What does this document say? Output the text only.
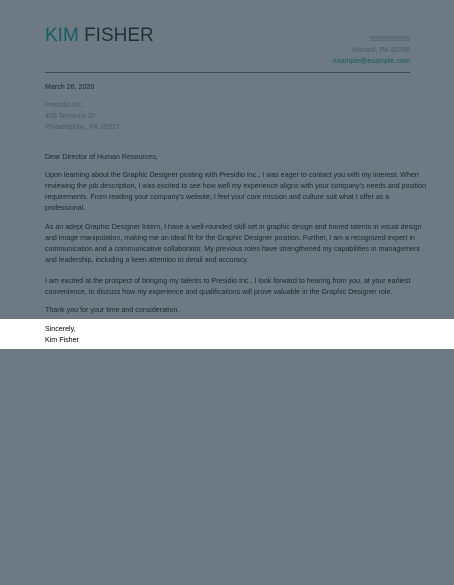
KIM FISHER	5555555555
Nahant, PA 15788
example@example.com
March 26, 2020
Presidio Inc.
455 Terrance Dr.
Philadelphia , PA 15317
Dear Director of Human Resources,
Upon learning about the Graphic Designer posting with Presidio Inc., I was eager to contact you with my interest. When
reviewing the job description, I was excited to see how well my experience aligns with your company's needs and position
requirements. From reading your company's website, I feel your core mission and culture suit what I offer as a
professional.
As an adept Graphic Designer Intern, I have a well-rounded skill set in graphic design and honed talents in visual design
and image manipulation, making me an ideal fit for the Graphic Designer position. Further, I am a recognized expert in
communication and a communicative collaborator. My previous roles have strengthened my capabilities in management
and leadership, including a keen attention to detail and accuracy.
I am excited at the prospect of bringing my talents to Presidio Inc.. I look forward to hearing from you, at your earliest
convenience, to discuss how my experience and qualifications will prove valuable in the Graphic Designer role.
Thank you for your time and consideration.
Sincerely,
Kim Fisher
